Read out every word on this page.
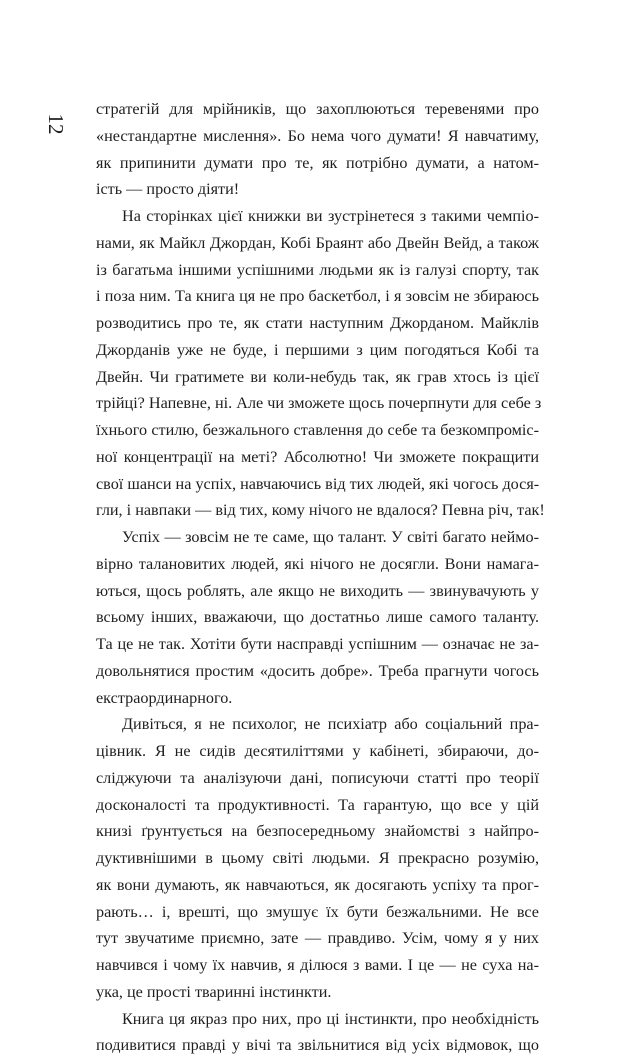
12
стратегій для мрійників, що захоплюються теревенями про
«нестандартне мислення». Бо нема чого думати! Я навчатиму,
як припинити думати про те, як потрібно думати, а натом-
ість — просто діяти!
На сторінках цієї книжки ви зустрінетеся з такими чемпіо-
нами, як Майкл Джордан, Кобі Браянт або Двейн Вейд, а також
із багатьма іншими успішними людьми як із галузі спорту, так
і поза ним. Та книга ця не про баскетбол, і я зовсім не збираюсь
розводитись про те, як стати наступним Джорданом. Майклів
Джорданів уже не буде, і першими з цим погодяться Кобі та
Двейн. Чи гратимете ви коли-небудь так, як грав хтось із цієї
трійці? Напевне, ні. Але чи зможете щось почерпнути для себе з
їхнього стилю, безжального ставлення до себе та безкомпроміс-
ної концентрації на меті? Абсолютно! Чи зможете покращити
свої шанси на успіх, навчаючись від тих людей, які чогось дося-
гли, і навпаки — від тих, кому нічого не вдалося? Певна річ, так!
Успіх — зовсім не те саме, що талант. У світі багато неймо-
вірно талановитих людей, які нічого не досягли. Вони намага-
ються, щось роблять, але якщо не виходить — звинувачують у
всьому інших, вважаючи, що достатньо лише самого таланту.
Та це не так. Хотіти бути насправді успішним — означає не за-
довольнятися простим «досить добре». Треба прагнути чогось
екстраординарного.
Дивіться, я не психолог, не психіатр або соціальний пра-
цівник. Я не сидів десятиліттями у кабінеті, збираючи, до-
сліджуючи та аналізуючи дані, пописуючи статті про теорії
досконалості та продуктивності. Та гарантую, що все у цій
книзі ґрунтується на безпосередньому знайомстві з найпро-
дуктивнішими в цьому світі людьми. Я прекрасно розумію,
як вони думають, як навчаються, як досягають успіху та прог-
рають… і, врешті, що змушує їх бути безжальними. Не все
тут звучатиме приємно, зате — правдиво. Усім, чому я у них
навчився і чому їх навчив, я ділюся з вами. І це — не суха на-
ука, це прості тваринні інстинкти.
Книга ця якраз про них, про ці інстинкти, про необхідність
подивитися правді у вічі та звільнитися від усіх відмовок, що
